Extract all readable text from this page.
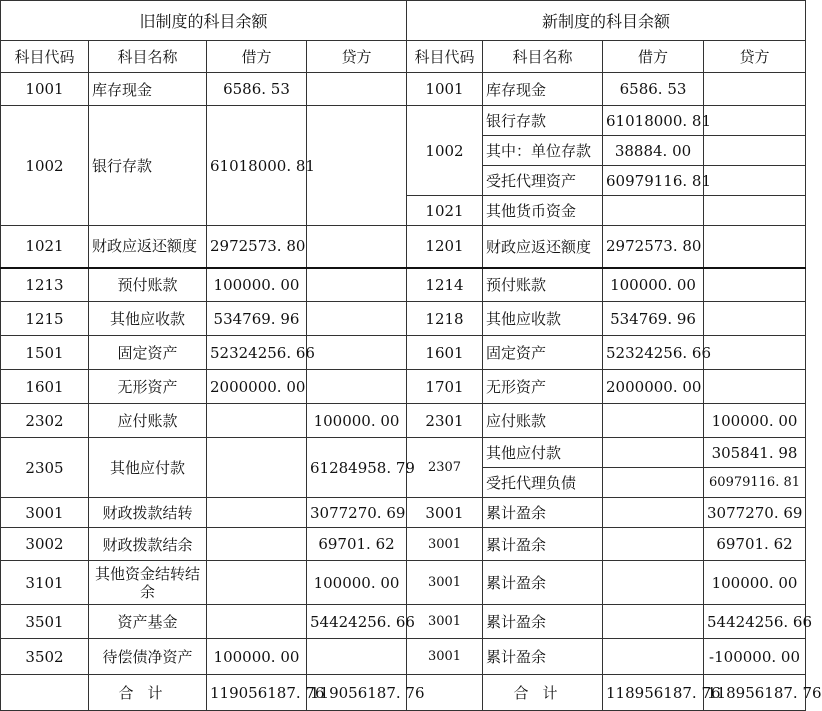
旧制度的科目余额				新制度的科目余额			
科目代码	科目名称	借方	贷方	科目代码	科目名称	借方	贷方
1001	库存现金	6586. 53		1001	库存现金	6586. 53	
1002	银行存款	61018000. 81		1002	银行存款	61018000. 81	
					其中：单位存款	38884. 00	
					受托代理资产	60979116. 81	
				1021	其他货币资金		
1021	财政应返还额度	2972573. 80		1201	财政应返还额度	2972573. 80	
1213	预付账款	100000. 00		1214	预付账款	100000. 00	
1215	其他应收款	534769. 96		1218	其他应收款	534769. 96	
1501	固定资产	52324256. 66		1601	固定资产	52324256. 66	
1601	无形资产	2000000. 00		1701	无形资产	2000000. 00	
2302	应付账款		100000. 00	2301	应付账款		100000. 00
2305	其他应付款		61284958. 79	2307	其他应付款		305841. 98
					受托代理负债		60979116. 81
3001	财政拨款结转		3077270. 69	3001	累计盈余		3077270. 69
3002	财政拨款结余		69701. 62	3001	累计盈余		69701. 62
3101	其他资金结转结余		100000. 00	3001	累计盈余		100000. 00
3501	资产基金		54424256. 66	3001	累计盈余		54424256. 66
3502	待偿债净资产	100000. 00		3001	累计盈余		-100000. 00
	合计	119056187. 76	119056187. 76		合计	118956187. 76	118956187. 76
